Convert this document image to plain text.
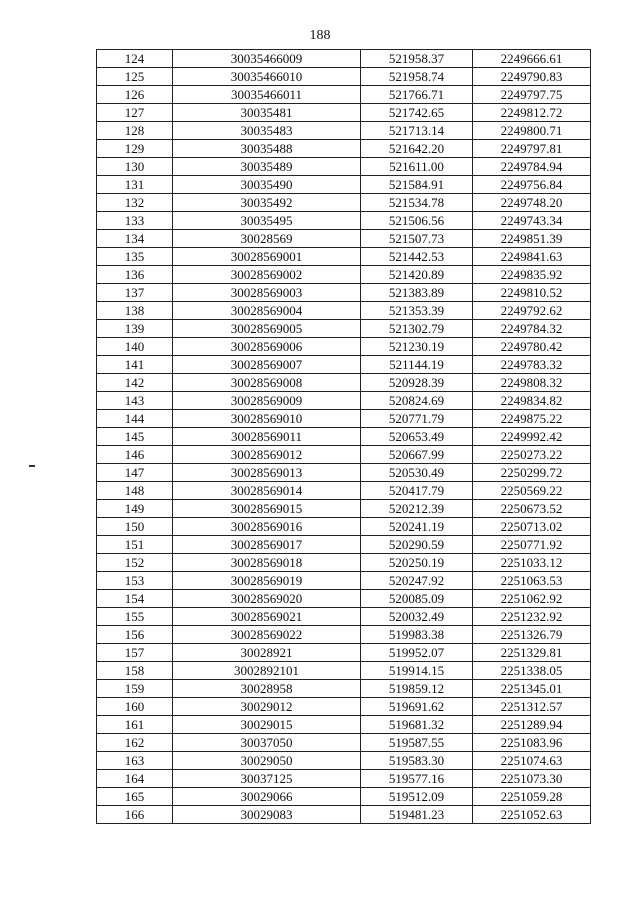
188
124	30035466009	521958.37	2249666.61
125	30035466010	521958.74	2249790.83
126	30035466011	521766.71	2249797.75
127	30035481	521742.65	2249812.72
128	30035483	521713.14	2249800.71
129	30035488	521642.20	2249797.81
130	30035489	521611.00	2249784.94
131	30035490	521584.91	2249756.84
132	30035492	521534.78	2249748.20
133	30035495	521506.56	2249743.34
134	30028569	521507.73	2249851.39
135	30028569001	521442.53	2249841.63
136	30028569002	521420.89	2249835.92
137	30028569003	521383.89	2249810.52
138	30028569004	521353.39	2249792.62
139	30028569005	521302.79	2249784.32
140	30028569006	521230.19	2249780.42
141	30028569007	521144.19	2249783.32
142	30028569008	520928.39	2249808.32
143	30028569009	520824.69	2249834.82
144	30028569010	520771.79	2249875.22
145	30028569011	520653.49	2249992.42
146	30028569012	520667.99	2250273.22
147	30028569013	520530.49	2250299.72
148	30028569014	520417.79	2250569.22
149	30028569015	520212.39	2250673.52
150	30028569016	520241.19	2250713.02
151	30028569017	520290.59	2250771.92
152	30028569018	520250.19	2251033.12
153	30028569019	520247.92	2251063.53
154	30028569020	520085.09	2251062.92
155	30028569021	520032.49	2251232.92
156	30028569022	519983.38	2251326.79
157	30028921	519952.07	2251329.81
158	3002892101	519914.15	2251338.05
159	30028958	519859.12	2251345.01
160	30029012	519691.62	2251312.57
161	30029015	519681.32	2251289.94
162	30037050	519587.55	2251083.96
163	30029050	519583.30	2251074.63
164	30037125	519577.16	2251073.30
165	30029066	519512.09	2251059.28
166	30029083	519481.23	2251052.63
